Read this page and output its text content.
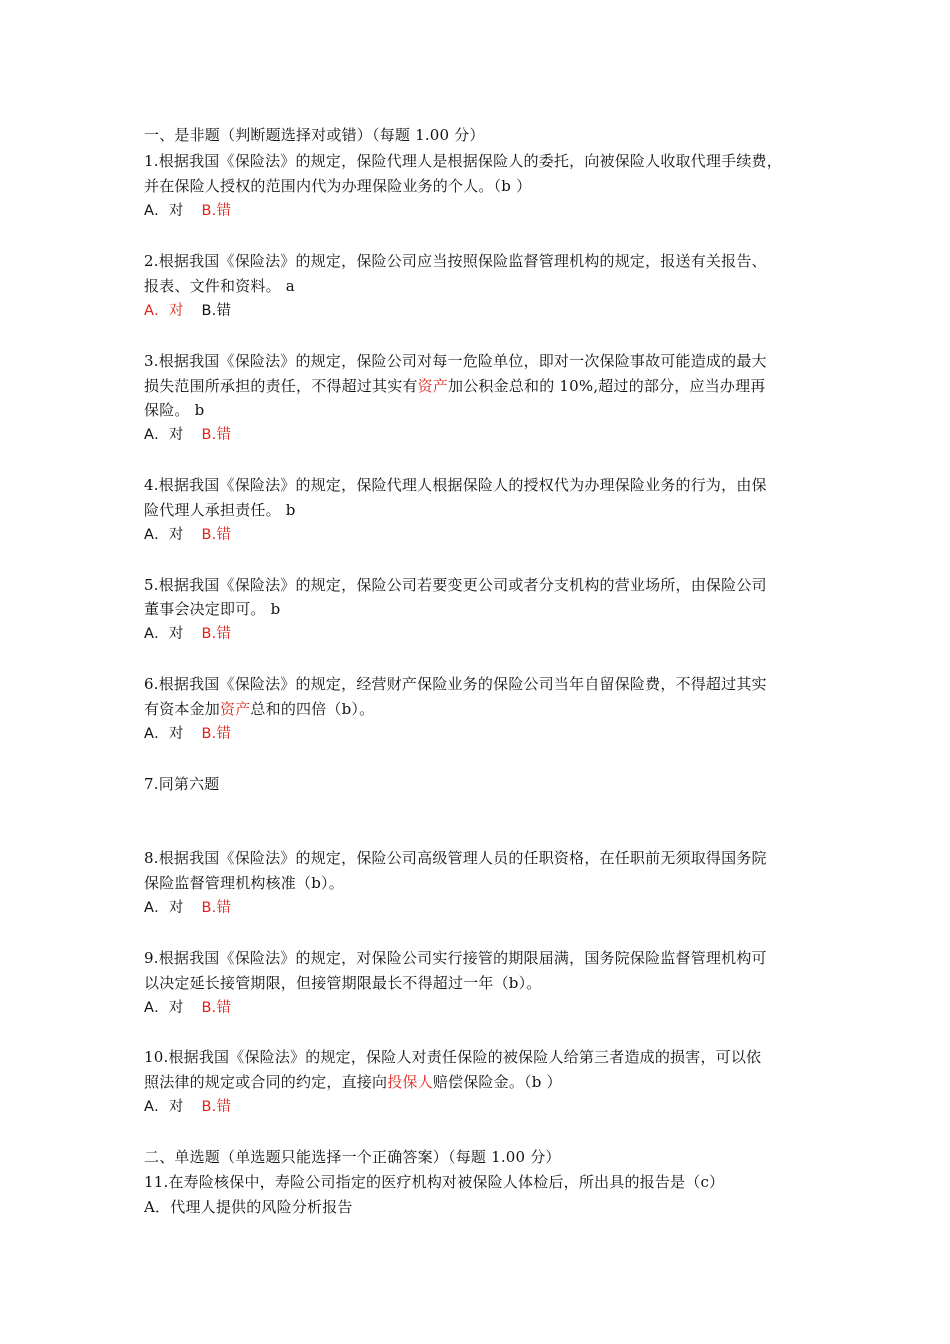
一、是非题（判断题选择对或错）（每题 1.00 分）
1.根据我国《保险法》的规定，保险代理人是根据保险人的委托，向被保险人收取代理手续费，
并在保险人授权的范围内代为办理保险业务的个人。（b ）
A．对 B.错
2.根据我国《保险法》的规定，保险公司应当按照保险监督管理机构的规定，报送有关报告、
报表、文件和资料。 a
A．对 B.错
3.根据我国《保险法》的规定，保险公司对每一危险单位，即对一次保险事故可能造成的最大
损失范围所承担的责任，不得超过其实有资产加公积金总和的 10%,超过的部分，应当办理再
保险。 b
A．对 B.错
4.根据我国《保险法》的规定，保险代理人根据保险人的授权代为办理保险业务的行为，由保
险代理人承担责任。 b
A．对 B.错
5.根据我国《保险法》的规定，保险公司若要变更公司或者分支机构的营业场所，由保险公司
董事会决定即可。 b
A．对 B.错
6.根据我国《保险法》的规定，经营财产保险业务的保险公司当年自留保险费，不得超过其实
有资本金加资产总和的四倍（b）。
A．对 B.错
7.同第六题
8.根据我国《保险法》的规定，保险公司高级管理人员的任职资格，在任职前无须取得国务院
保险监督管理机构核准（b）。
A．对 B.错
9.根据我国《保险法》的规定，对保险公司实行接管的期限届满，国务院保险监督管理机构可
以决定延长接管期限，但接管期限最长不得超过一年（b）。
A．对 B.错
10.根据我国《保险法》的规定，保险人对责任保险的被保险人给第三者造成的损害，可以依
照法律的规定或合同的约定，直接向投保人赔偿保险金。（b ）
A．对 B.错
二、单选题（单选题只能选择一个正确答案）（每题 1.00 分）
11.在寿险核保中，寿险公司指定的医疗机构对被保险人体检后，所出具的报告是（c）
A．代理人提供的风险分析报告
